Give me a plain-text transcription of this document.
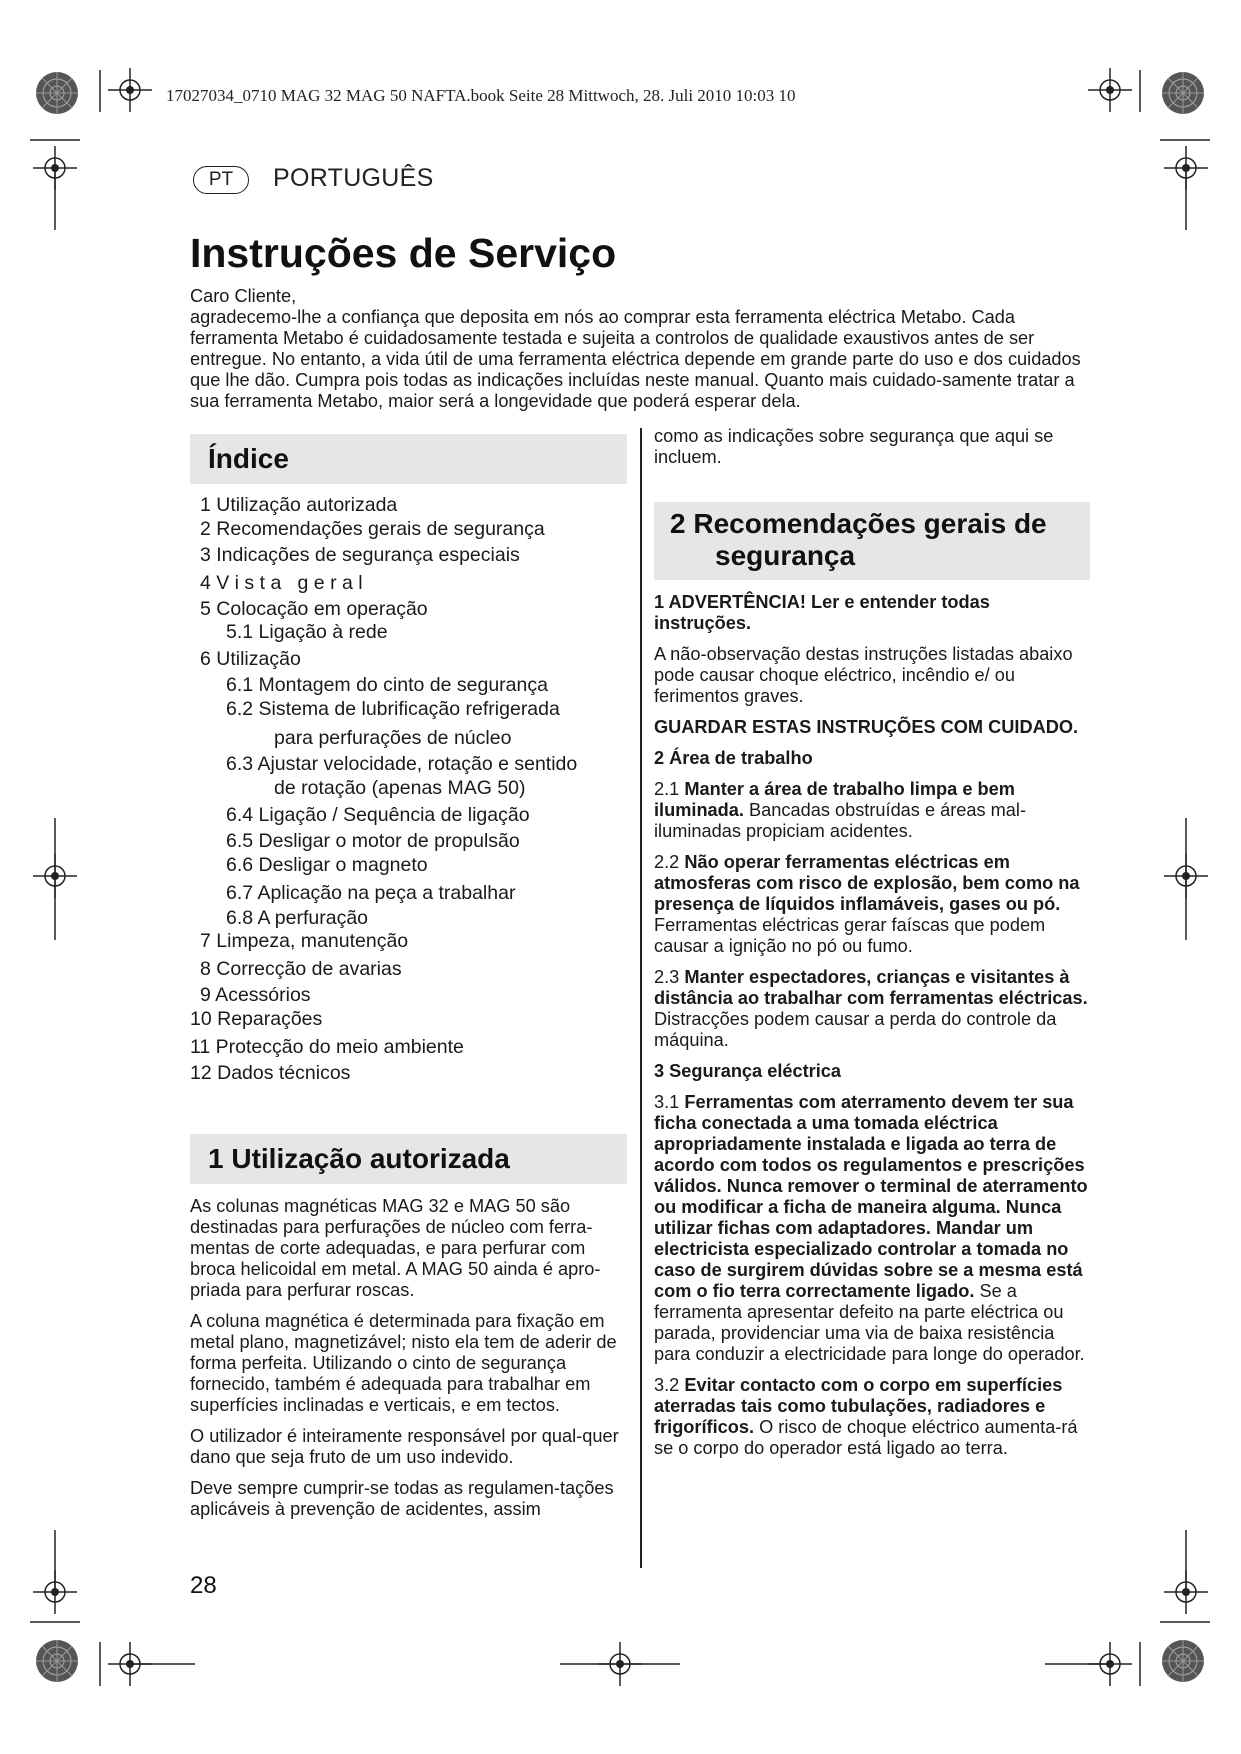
17027034_0710 MAG 32 MAG 50 NAFTA.book Seite 28 Mittwoch, 28. Juli 2010 10:03 10
PT	PORTUGUÊS
Instruções de Serviço

Caro Cliente,

agradecemo-lhe a confiança que deposita em nós ao comprar esta ferramenta eléctrica Metabo. Cada ferramenta Metabo é cuidadosamente testada e sujeita a controlos de qualidade exaustivos antes de ser entregue. No entanto, a vida útil de uma ferramenta eléctrica depende em grande parte do uso e dos cuidados que lhe dão. Cumpra pois todas as indicações incluídas neste manual. Quanto mais cuidado-samente tratar a sua ferramenta Metabo, maior será a longevidade que poderá esperar dela.

Índice
1 Utilização autorizada
2 Recomendações gerais de segurança
3 Indicações de segurança especiais
4 V i s t a   g e r a l
5 Colocação em operação
5.1 Ligação à rede
6 Utilização
6.1 Montagem do cinto de segurança
6.2 Sistema de lubrificação refrigerada
para perfurações de núcleo
6.3 Ajustar velocidade, rotação e sentido
de rotação (apenas MAG 50)
6.4 Ligação / Sequência de ligação
6.5 Desligar o motor de propulsão
6.6 Desligar o magneto
6.7 Aplicação na peça a trabalhar
6.8 A perfuração
7 Limpeza, manutenção
8 Correcção de avarias
9 Acessórios
10 Reparações
11 Protecção do meio ambiente
12 Dados técnicos
1 Utilização autorizada

As colunas magnéticas MAG 32 e MAG 50 são destinadas para perfurações de núcleo com ferra-mentas de corte adequadas, e para perfurar com broca helicoidal em metal. A MAG 50 ainda é apro-priada para perfurar roscas.

A coluna magnética é determinada para fixação em metal plano, magnetizável; nisto ela tem de aderir de forma perfeita. Utilizando o cinto de segurança fornecido, também é adequada para trabalhar em superfícies inclinadas e verticais, e em tectos.

O utilizador é inteiramente responsável por qual-quer dano que seja fruto de um uso indevido.

Deve sempre cumprir-se todas as regulamen-tações aplicáveis à prevenção de acidentes, assim

28
como as indicações sobre segurança que aqui se incluem.
2 Recomendações gerais de
segurança

1 ADVERTÊNCIA! Ler e entender todas instruções.

A não-observação destas instruções listadas abaixo pode causar choque eléctrico, incêndio e/ ou ferimentos graves.

GUARDAR ESTAS INSTRUÇÕES COM CUIDADO.

2 Área de trabalho

2.1 Manter a área de trabalho limpa e bem iluminada. Bancadas obstruídas e áreas mal-iluminadas propiciam acidentes.

2.2 Não operar ferramentas eléctricas em atmosferas com risco de explosão, bem como na presença de líquidos inflamáveis, gases ou pó. Ferramentas eléctricas gerar faíscas que podem causar a ignição no pó ou fumo.

2.3 Manter espectadores, crianças e visitantes à distância ao trabalhar com ferramentas eléctricas. Distracções podem causar a perda do controle da máquina.

3 Segurança eléctrica

3.1 Ferramentas com aterramento devem ter sua ficha conectada a uma tomada eléctrica apropriadamente instalada e ligada ao terra de acordo com todos os regulamentos e prescrições válidos. Nunca remover o terminal de aterramento ou modificar a ficha de maneira alguma. Nunca utilizar fichas com adaptadores. Mandar um electricista especializado controlar a tomada no caso de surgirem dúvidas sobre se a mesma está com o fio terra correctamente ligado. Se a ferramenta apresentar defeito na parte eléctrica ou parada, providenciar uma via de baixa resistência para conduzir a electricidade para longe do operador.

3.2 Evitar contacto com o corpo em superfícies aterradas tais como tubulações, radiadores e frigoríficos. O risco de choque eléctrico aumenta-rá se o corpo do operador está ligado ao terra.
